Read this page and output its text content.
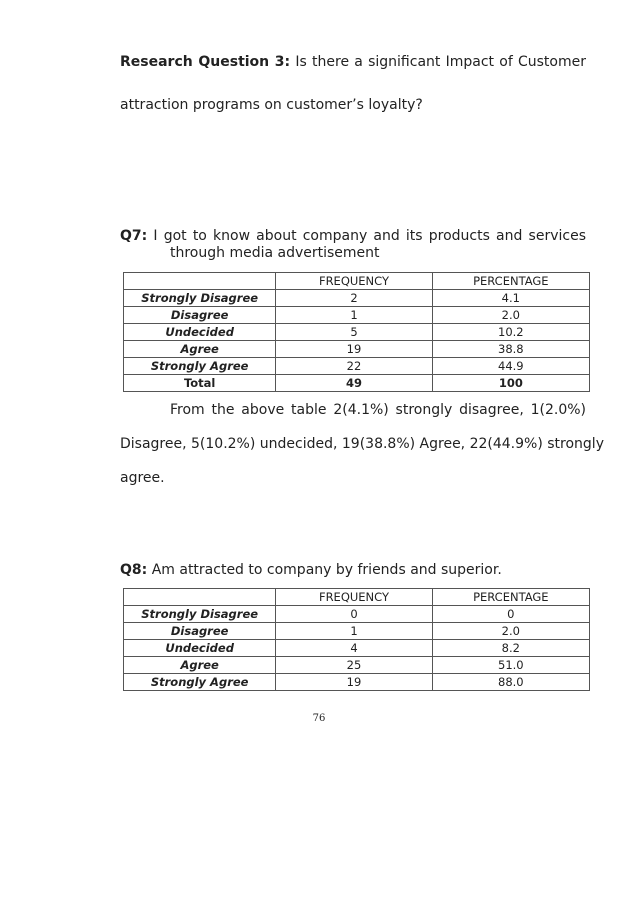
Research Question 3: Is there a significant Impact of Customer
attraction programs on customer’s loyalty?
Q7: I got to know about company and its products and services
through media advertisement
	FREQUENCY	PERCENTAGE
Strongly Disagree	2	4.1
Disagree	1	2.0
Undecided	5	10.2
Agree	19	38.8
Strongly Agree	22	44.9
Total	49	100
From the above table 2(4.1%) strongly disagree, 1(2.0%)
Disagree, 5(10.2%) undecided, 19(38.8%) Agree, 22(44.9%) strongly
agree.
Q8: Am attracted to company by friends and superior.
	FREQUENCY	PERCENTAGE
Strongly Disagree	0	0
Disagree	1	2.0
Undecided	4	8.2
Agree	25	51.0
Strongly Agree	19	88.0
76
